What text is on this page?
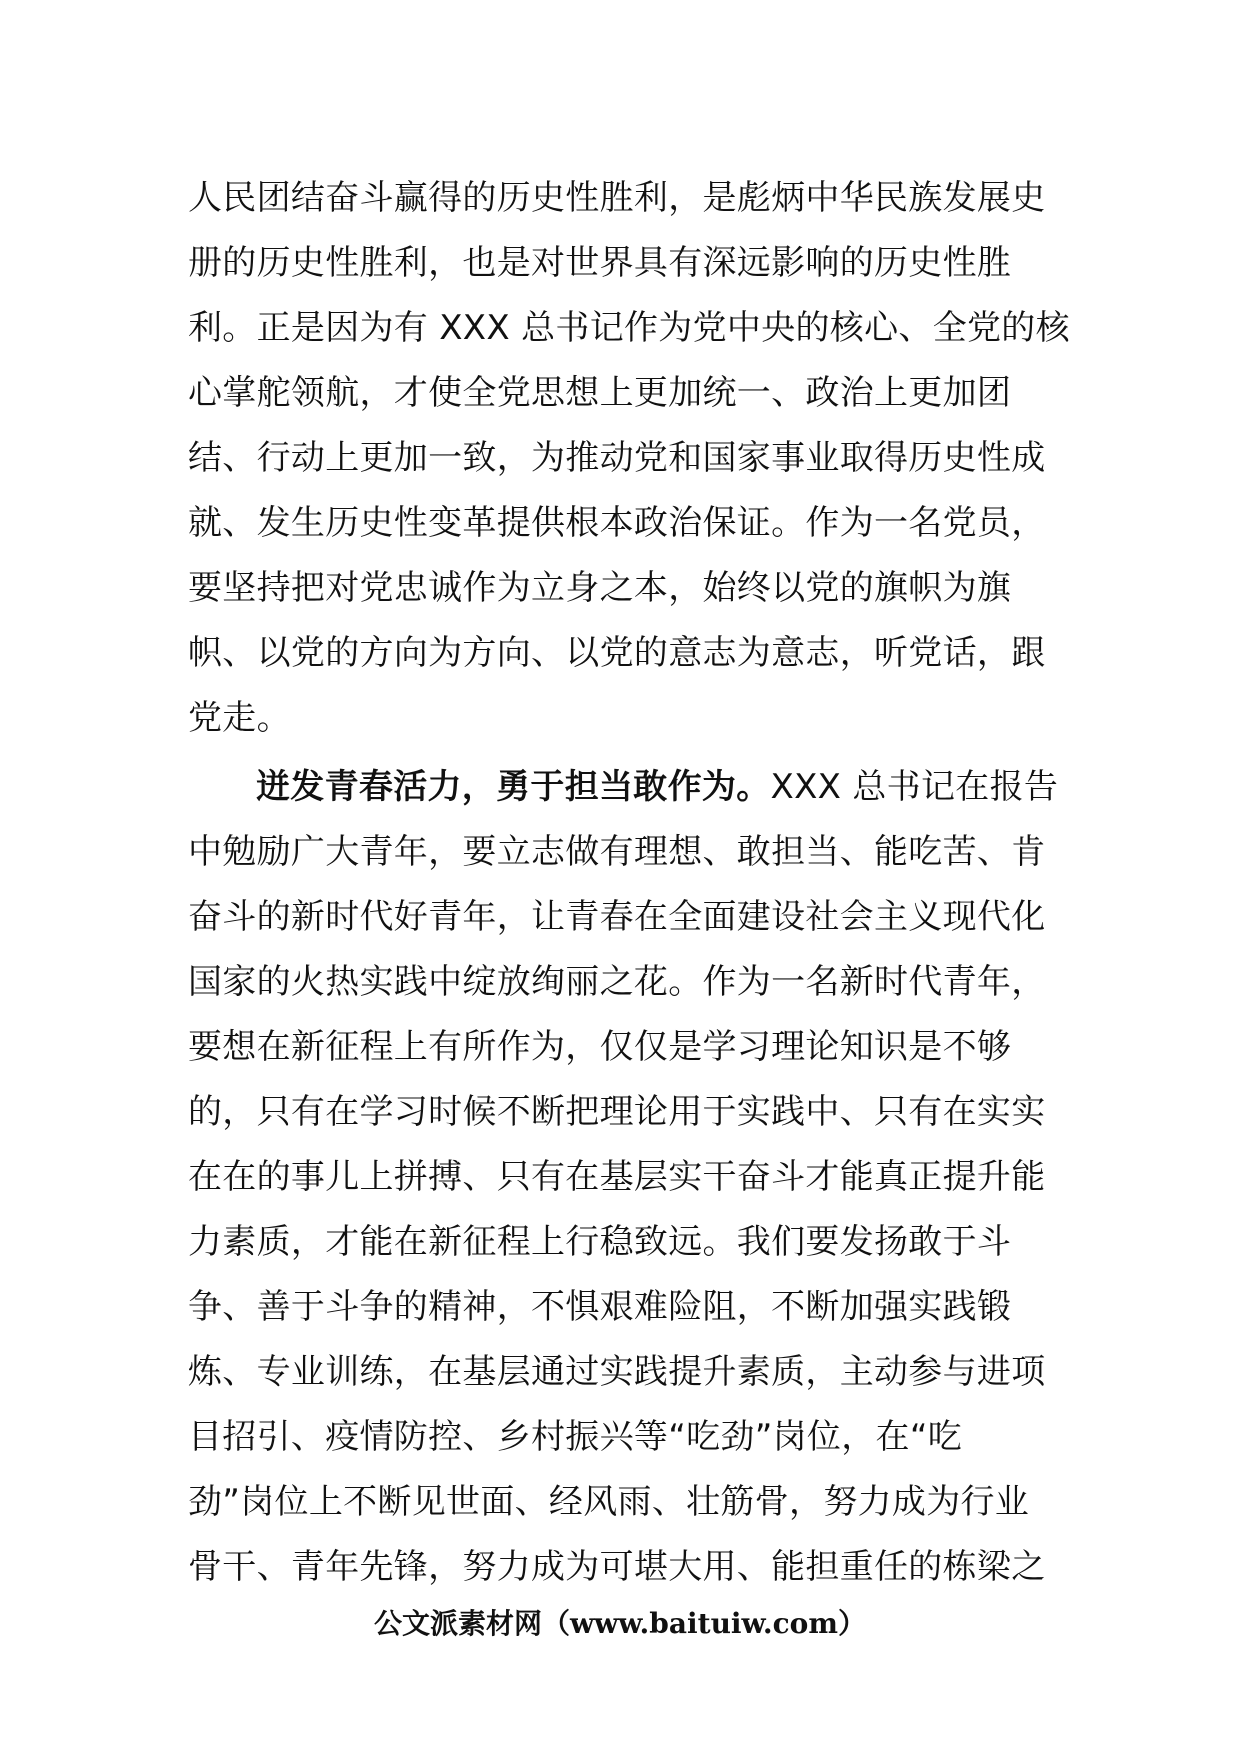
人民团结奋斗赢得的历史性胜利，是彪炳中华民族发展史
册的历史性胜利，也是对世界具有深远影响的历史性胜
利。正是因为有 XXX 总书记作为党中央的核心、全党的核
心掌舵领航，才使全党思想上更加统一、政治上更加团
结、行动上更加一致，为推动党和国家事业取得历史性成
就、发生历史性变革提供根本政治保证。作为一名党员，
要坚持把对党忠诚作为立身之本，始终以党的旗帜为旗
帜、以党的方向为方向、以党的意志为意志，听党话，跟
党走。
迸发青春活力，勇于担当敢作为。XXX 总书记在报告
中勉励广大青年，要立志做有理想、敢担当、能吃苦、肯
奋斗的新时代好青年，让青春在全面建设社会主义现代化
国家的火热实践中绽放绚丽之花。作为一名新时代青年，
要想在新征程上有所作为，仅仅是学习理论知识是不够
的，只有在学习时候不断把理论用于实践中、只有在实实
在在的事儿上拼搏、只有在基层实干奋斗才能真正提升能
力素质，才能在新征程上行稳致远。我们要发扬敢于斗
争、善于斗争的精神，不惧艰难险阻，不断加强实践锻
炼、专业训练，在基层通过实践提升素质，主动参与进项
目招引、疫情防控、乡村振兴等“吃劲”岗位，在“吃
劲”岗位上不断见世面、经风雨、壮筋骨，努力成为行业
骨干、青年先锋，努力成为可堪大用、能担重任的栋梁之
公文派素材网（www.baituiw.com）
